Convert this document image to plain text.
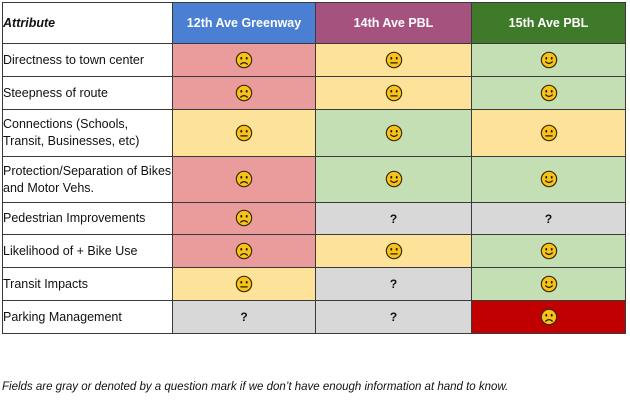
Attribute	12th Ave Greenway	14th Ave PBL	15th Ave PBL
Directness to town center			
Steepness of route			
Connections (Schools, Transit, Businesses, etc)			
Protection/Separation of Bikes and Motor Vehs.			
Pedestrian Improvements		?	?
Likelihood of + Bike Use			
Transit Impacts		?	
Parking Management	?	?	
Fields are gray or denoted by a question mark if we don’t have enough information at hand to know.
